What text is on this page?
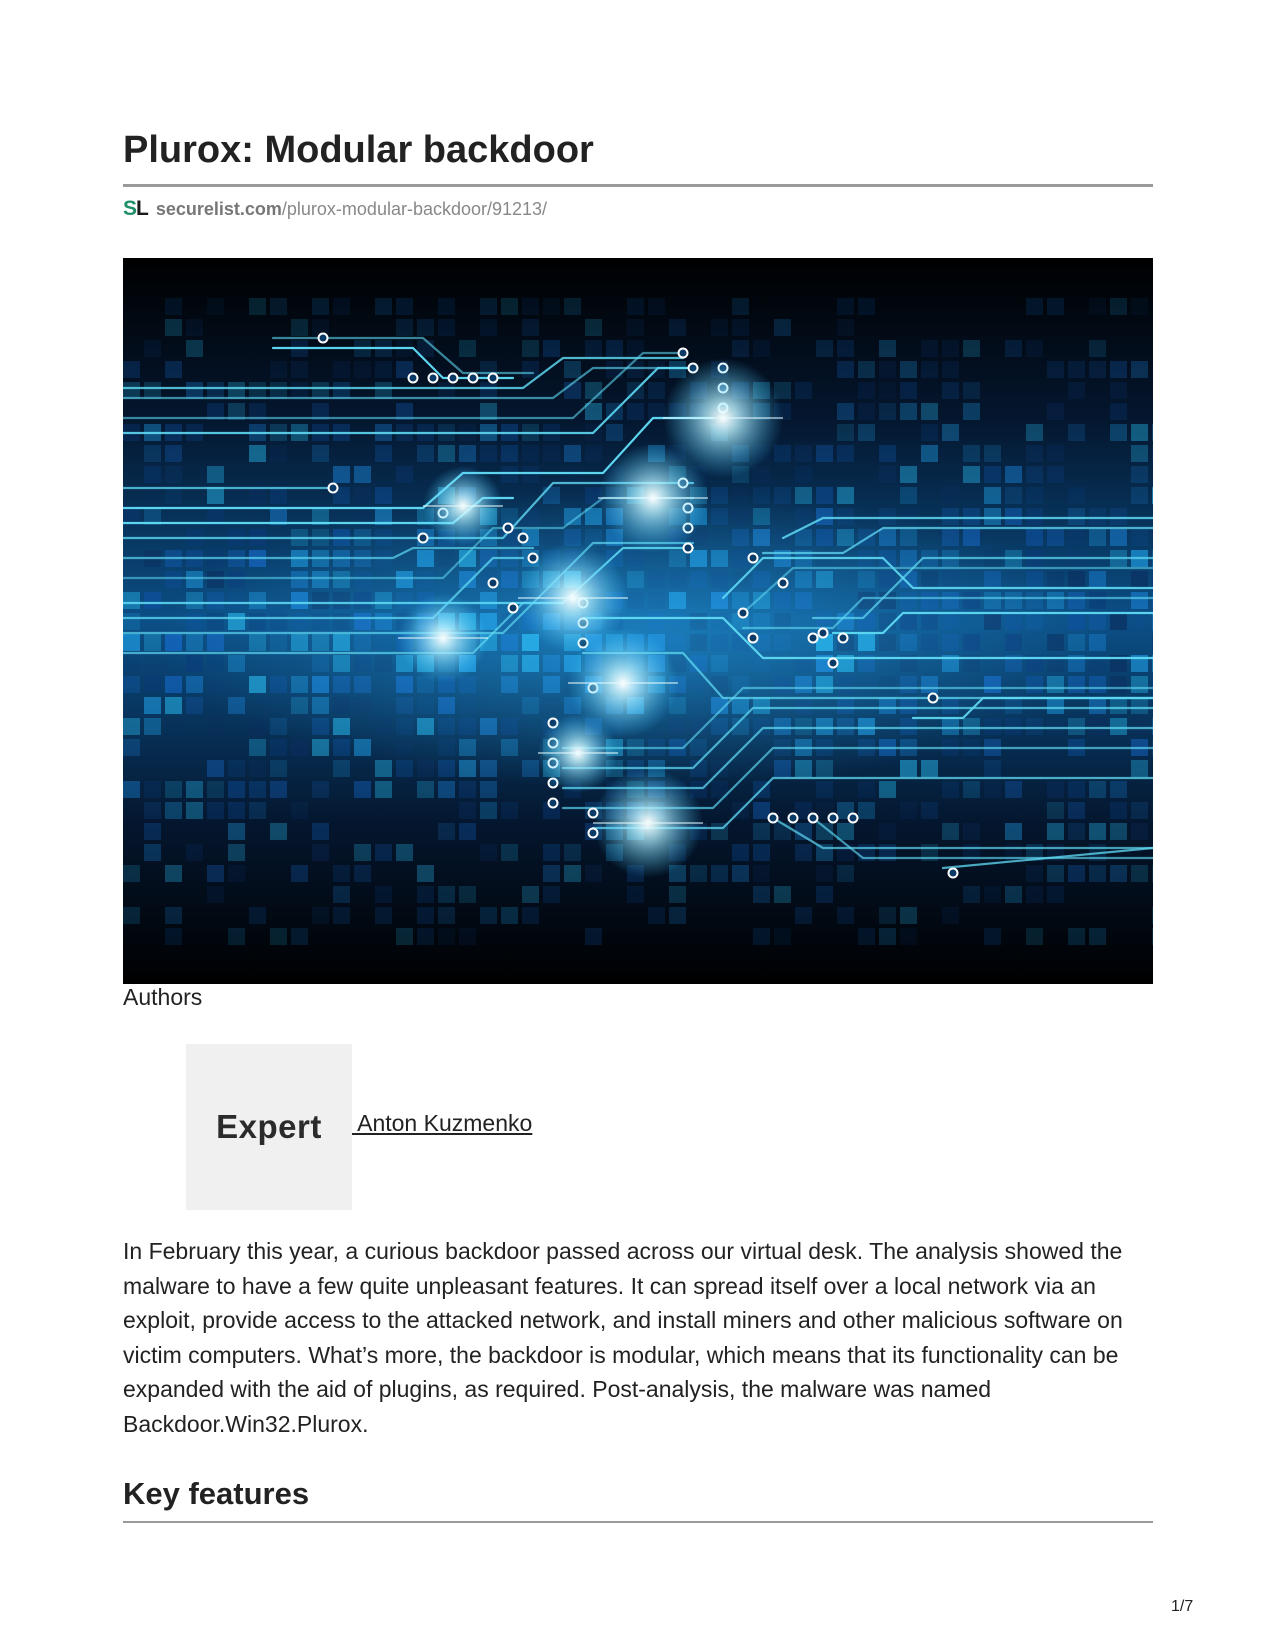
Plurox: Modular backdoor
SL securelist.com /plurox-modular-backdoor/91213/
Authors
Expert Anton Kuzmenko

In February this year, a curious backdoor passed across our virtual desk. The analysis showed the malware to have a few quite unpleasant features. It can spread itself over a local network via an exploit, provide access to the attacked network, and install miners and other malicious software on victim computers. What’s more, the backdoor is modular, which means that its functionality can be expanded with the aid of plugins, as required. Post-analysis, the malware was named Backdoor.Win32.Plurox.

Key features
1/7
